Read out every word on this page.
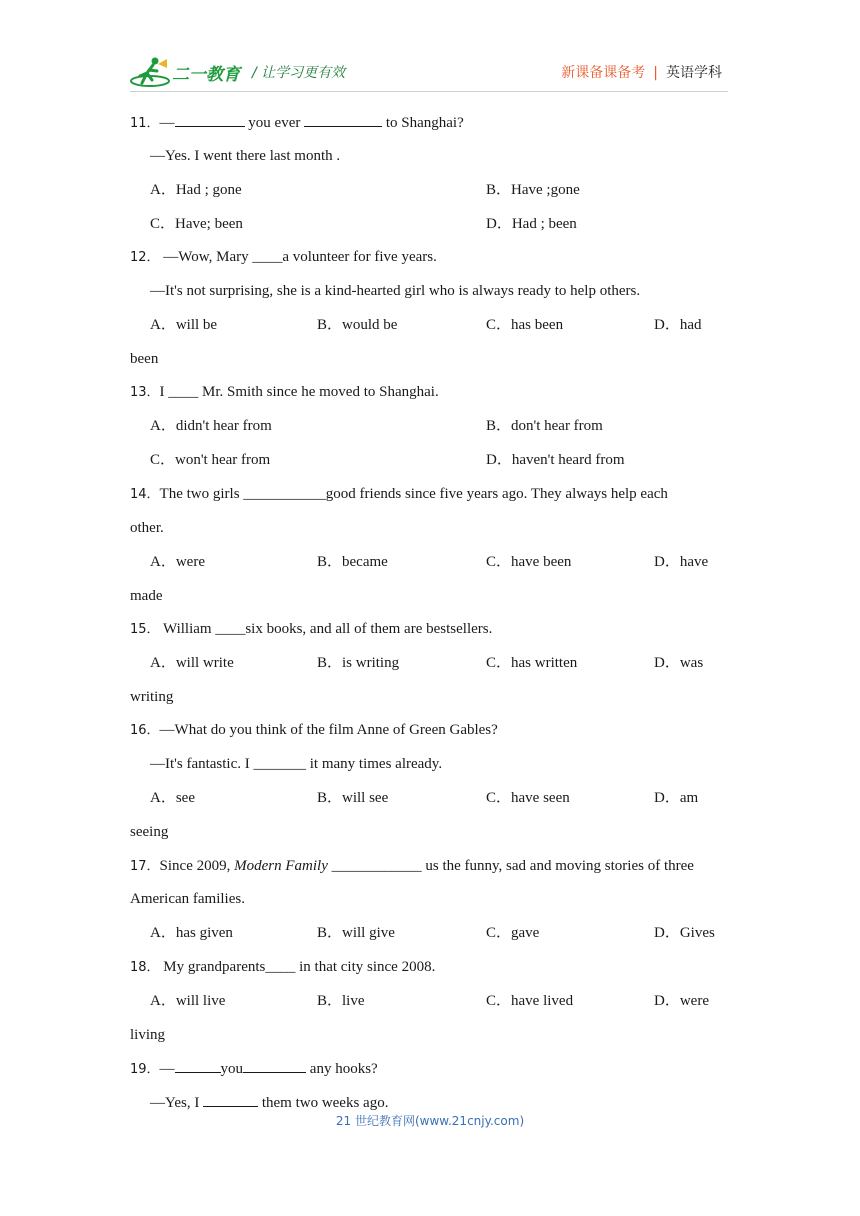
二一教育 / 让学习更有效	新课备课备考 | 英语学科
11．—	you ever	to Shanghai?
—Yes. I went there last month .
A．Had ; gone	B．Have ;gone
C．Have; been	D．Had ; been
12． —Wow, Mary ____a volunteer for five years.
—It's not surprising, she is a kind-hearted girl who is always ready to help others.
A．will be	B．would be	C．has been	D．had
been
13．I ____ Mr. Smith since he moved to Shanghai.
A．didn't hear from	B．don't hear from
C．won't hear from	D．haven't heard from
14．The two girls ___________good friends since five years ago. They always help each
other.
A．were	B．became	C．have been	D．have
made
15． William ____six books, and all of them are bestsellers.
A．will write	B．is writing	C．has written	D．was
writing
16．—What do you think of the film Anne of Green Gables?
—It's fantastic. I _______ it many times already.
A．see	B．will see	C．have seen	D．am
seeing
17．Since 2009, Modern Family ____________ us the funny, sad and moving stories of three
American families.
A．has given	B．will give	C．gave	D．Gives
18． My grandparents____ in that city since 2008.
A．will live	B．live	C．have lived	D．were
living
19．—	you	any hooks?
—Yes, I	them two weeks ago.
21 世纪教育网(www.21cnjy.com)
